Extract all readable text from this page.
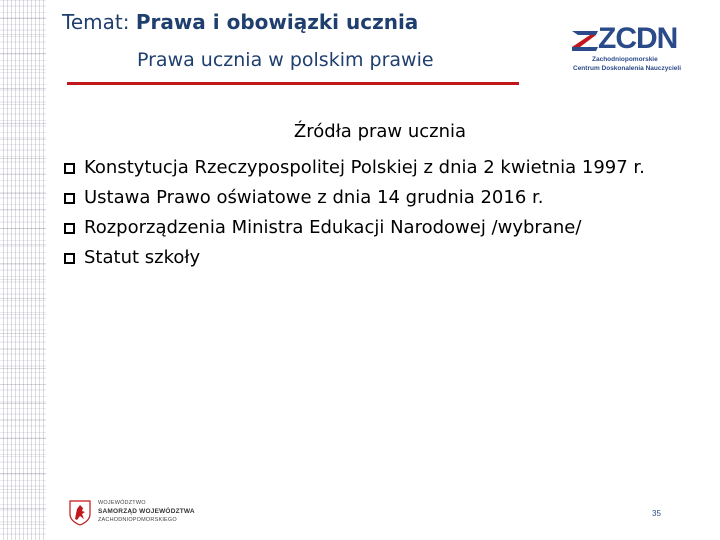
Temat: Prawa i obowiązki ucznia
Prawa ucznia w polskim prawie
ZCDN
Zachodniopomorskie
Centrum Doskonalenia Nauczycieli
Źródła praw ucznia
Konstytucja Rzeczypospolitej Polskiej z dnia 2 kwietnia 1997 r.
Ustawa Prawo oświatowe z dnia 14 grudnia 2016 r.
Rozporządzenia Ministra Edukacji Narodowej /wybrane/
Statut szkoły
WOJEWÓDZTWO
SAMORZĄD WOJEWÓDZTWA
ZACHODNIOPOMORSKIEGO
35
